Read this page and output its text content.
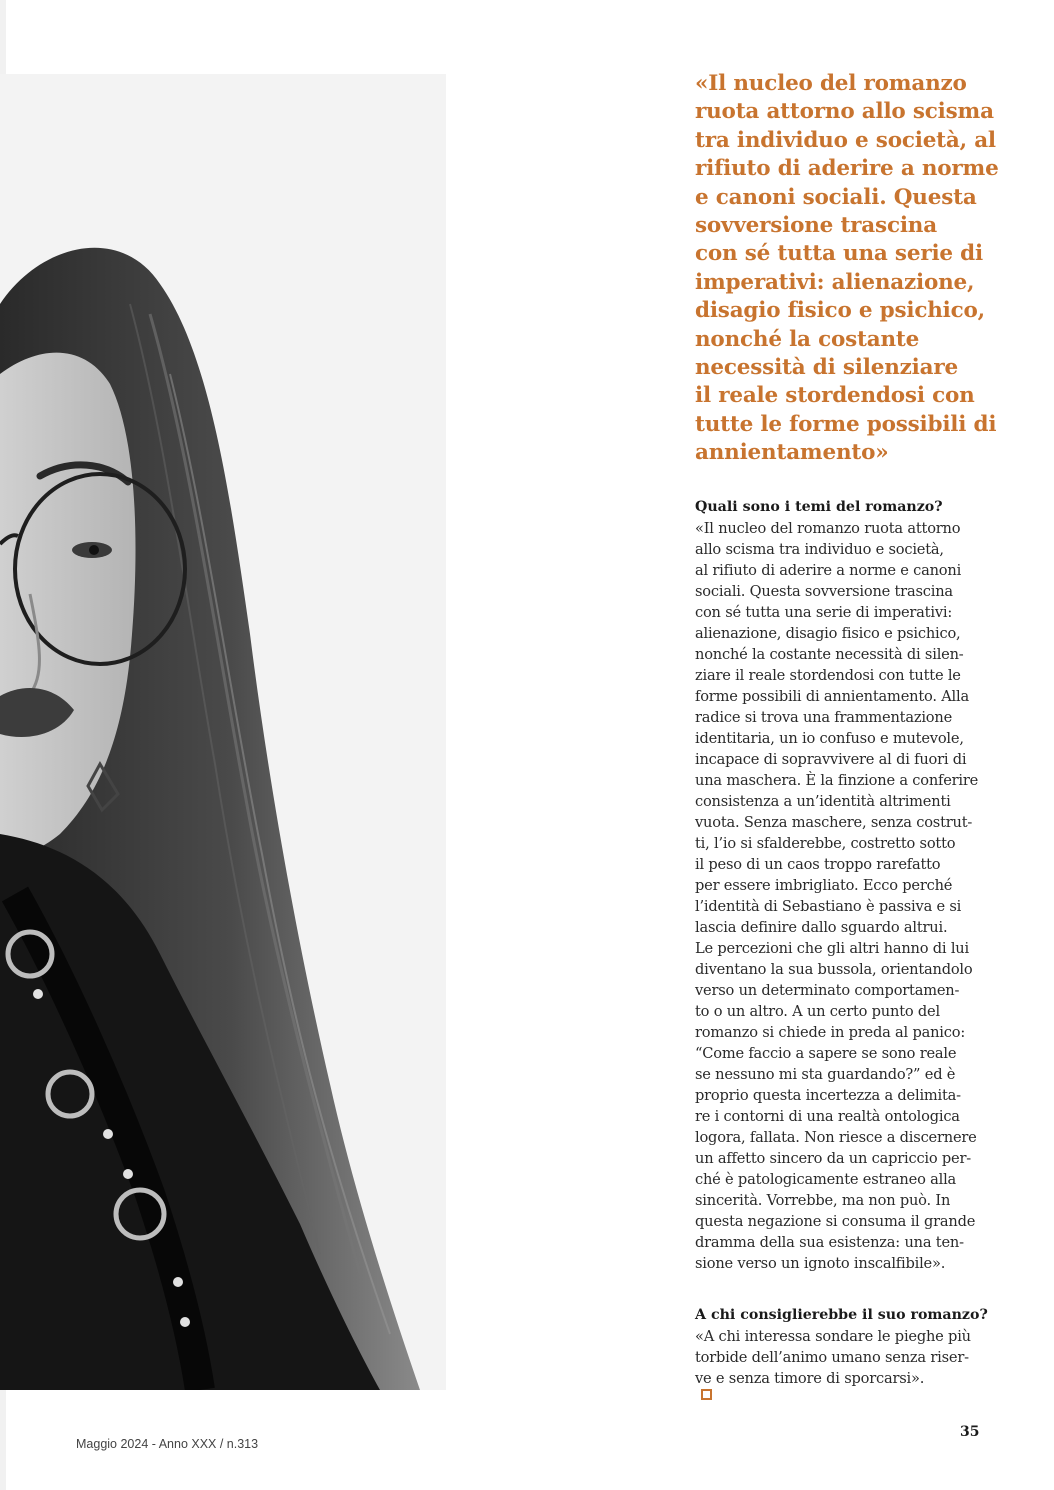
«Il nucleo del romanzo
ruota attorno allo scisma
tra individuo e società, al
rifiuto di aderire a norme
e canoni sociali. Questa
sovversione trascina
con sé tutta una serie di
imperativi: alienazione,
disagio fisico e psichico,
nonché la costante
necessità di silenziare
il reale stordendosi con
tutte le forme possibili di
annientamento»
Quali sono i temi del romanzo?
«Il nucleo del romanzo ruota attorno
allo scisma tra individuo e società,
al rifiuto di aderire a norme e canoni
sociali. Questa sovversione trascina
con sé tutta una serie di imperativi:
alienazione, disagio fisico e psichico,
nonché la costante necessità di silen-
ziare il reale stordendosi con tutte le
forme possibili di annientamento. Alla
radice si trova una frammentazione
identitaria, un io confuso e mutevole,
incapace di sopravvivere al di fuori di
una maschera. È la finzione a conferire
consistenza a un’identità altrimenti
vuota. Senza maschere, senza costrut-
ti, l’io si sfalderebbe, costretto sotto
il peso di un caos troppo rarefatto
per essere imbrigliato. Ecco perché
l’identità di Sebastiano è passiva e si
lascia definire dallo sguardo altrui.
Le percezioni che gli altri hanno di lui
diventano la sua bussola, orientandolo
verso un determinato comportamen-
to o un altro. A un certo punto del
romanzo si chiede in preda al panico:
“Come faccio a sapere se sono reale
se nessuno mi sta guardando?” ed è
proprio questa incertezza a delimita-
re i contorni di una realtà ontologica
logora, fallata. Non riesce a discernere
un affetto sincero da un capriccio per-
ché è patologicamente estraneo alla
sincerità. Vorrebbe, ma non può. In
questa negazione si consuma il grande
dramma della sua esistenza: una ten-
sione verso un ignoto inscalfibile».
A chi consiglierebbe il suo romanzo?
«A chi interessa sondare le pieghe più
torbide dell’animo umano senza riser-
ve e senza timore di sporcarsi».
Maggio 2024 - Anno XXX / n.313
35
